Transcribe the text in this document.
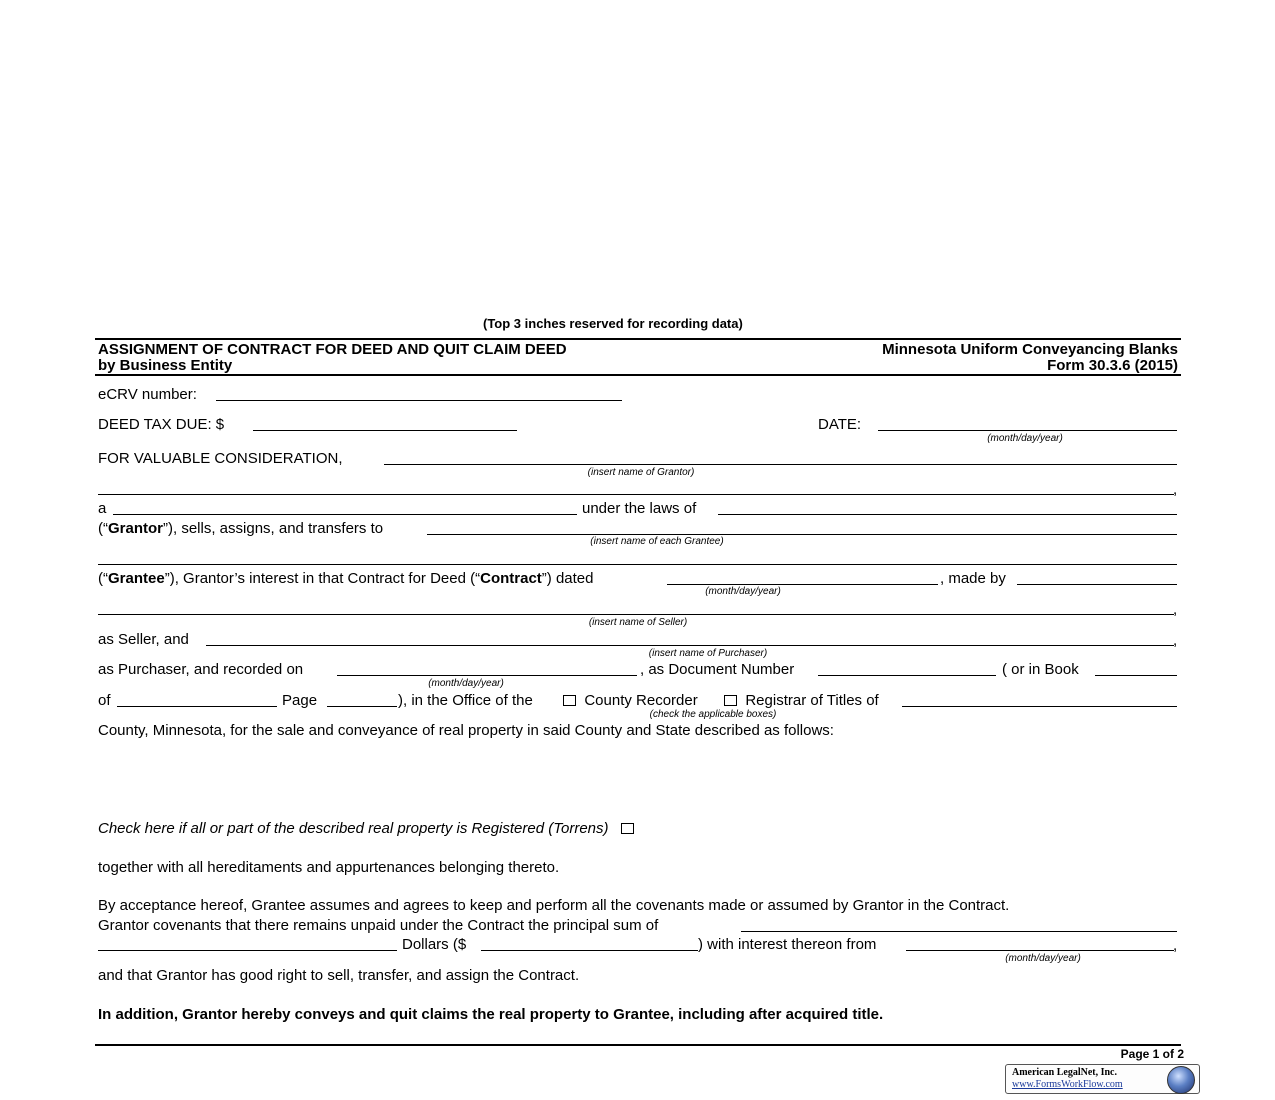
(Top 3 inches reserved for recording data)
ASSIGNMENT OF CONTRACT FOR DEED AND QUIT CLAIM DEED
by Business Entity
Minnesota Uniform Conveyancing Blanks
Form 30.3.6 (2015)
eCRV number:
DEED TAX DUE: $	DATE:
(month/day/year)
FOR VALUABLE CONSIDERATION,
(insert name of Grantor)
,
a	under the laws of
(“Grantor”), sells, assigns, and transfers to
(insert name of each Grantee)
(“Grantee”), Grantor’s interest in that Contract for Deed (“Contract”) dated	, made by
(month/day/year)
,
(insert name of Seller)
as Seller, and	,
(insert name of Purchaser)
as Purchaser, and recorded on	, as Document Number	( or in Book
(month/day/year)
of	Page	), in the Office of the	County Recorder	Registrar of Titles of
(check the applicable boxes)
County, Minnesota, for the sale and conveyance of real property in said County and State described as follows:
Check here if all or part of the described real property is Registered (Torrens)
together with all hereditaments and appurtenances belonging thereto.
By acceptance hereof, Grantee assumes and agrees to keep and perform all the covenants made or assumed by Grantor in the Contract.
Grantor covenants that there remains unpaid under the Contract the principal sum of
Dollars ($	) with interest thereon from	,
(month/day/year)
and that Grantor has good right to sell, transfer, and assign the Contract.
In addition, Grantor hereby conveys and quit claims the real property to Grantee, including after acquired title.
Page 1 of 2
American LegalNet, Inc.
www.FormsWorkFlow.com
